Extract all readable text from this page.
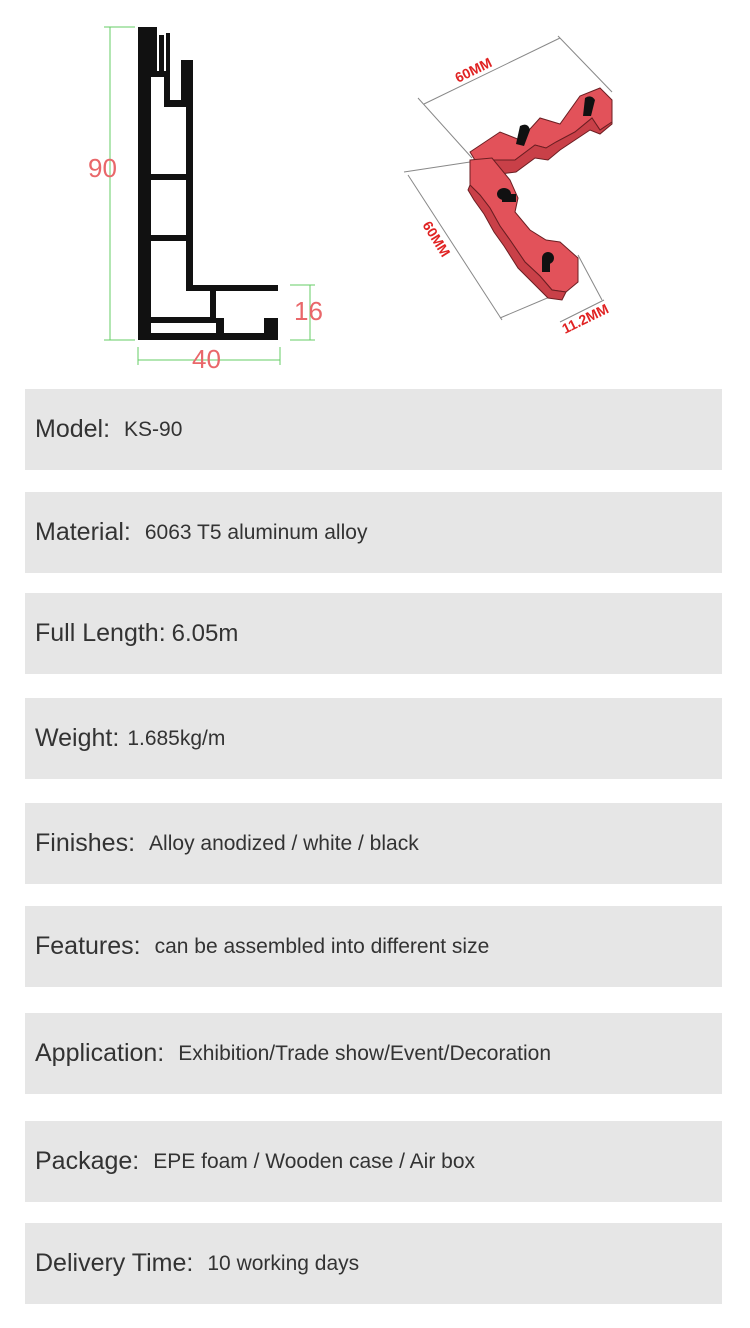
90
40
16
60MM
60MM
11.2MM
Model: KS-90
Material: 6063 T5 aluminum alloy
Full Length: 6.05m
Weight: 1.685kg/m
Finishes: Alloy anodized / white / black
Features: can be assembled into different size
Application: Exhibition/Trade show/Event/Decoration
Package: EPE foam / Wooden case / Air box
Delivery Time: 10 working days
